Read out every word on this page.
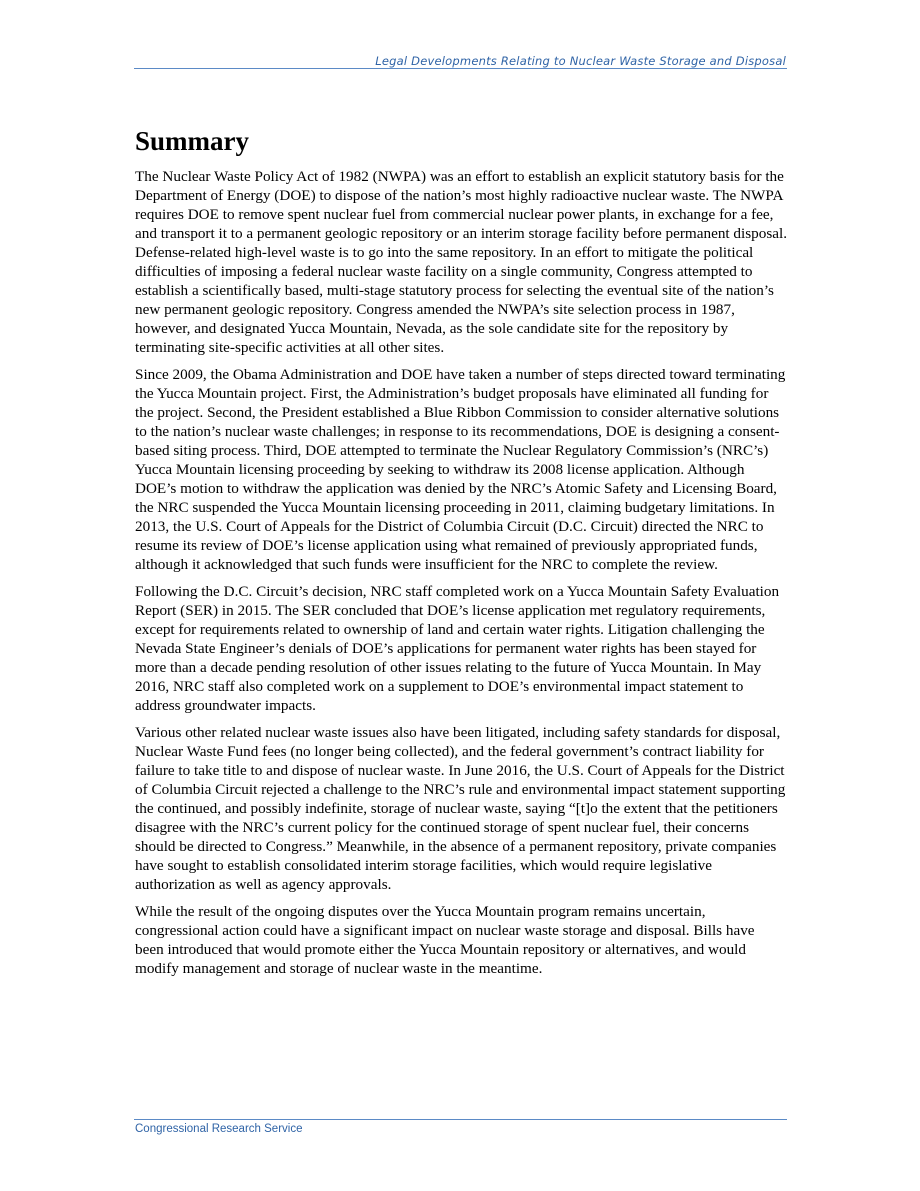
Legal Developments Relating to Nuclear Waste Storage and Disposal
Summary

The Nuclear Waste Policy Act of 1982 (NWPA) was an effort to establish an explicit statutory basis for the Department of Energy (DOE) to dispose of the nation’s most highly radioactive nuclear waste. The NWPA requires DOE to remove spent nuclear fuel from commercial nuclear power plants, in exchange for a fee, and transport it to a permanent geologic repository or an interim storage facility before permanent disposal. Defense-related high-level waste is to go into the same repository. In an effort to mitigate the political difficulties of imposing a federal nuclear waste facility on a single community, Congress attempted to establish a scientifically based, multi-stage statutory process for selecting the eventual site of the nation’s new permanent geologic repository. Congress amended the NWPA’s site selection process in 1987, however, and designated Yucca Mountain, Nevada, as the sole candidate site for the repository by terminating site-specific activities at all other sites.

Since 2009, the Obama Administration and DOE have taken a number of steps directed toward terminating the Yucca Mountain project. First, the Administration’s budget proposals have eliminated all funding for the project. Second, the President established a Blue Ribbon Commission to consider alternative solutions to the nation’s nuclear waste challenges; in response to its recommendations, DOE is designing a consent-based siting process. Third, DOE attempted to terminate the Nuclear Regulatory Commission’s (NRC’s) Yucca Mountain licensing proceeding by seeking to withdraw its 2008 license application. Although DOE’s motion to withdraw the application was denied by the NRC’s Atomic Safety and Licensing Board, the NRC suspended the Yucca Mountain licensing proceeding in 2011, claiming budgetary limitations. In 2013, the U.S. Court of Appeals for the District of Columbia Circuit (D.C. Circuit) directed the NRC to resume its review of DOE’s license application using what remained of previously appropriated funds, although it acknowledged that such funds were insufficient for the NRC to complete the review.

Following the D.C. Circuit’s decision, NRC staff completed work on a Yucca Mountain Safety Evaluation Report (SER) in 2015. The SER concluded that DOE’s license application met regulatory requirements, except for requirements related to ownership of land and certain water rights. Litigation challenging the Nevada State Engineer’s denials of DOE’s applications for permanent water rights has been stayed for more than a decade pending resolution of other issues relating to the future of Yucca Mountain. In May 2016, NRC staff also completed work on a supplement to DOE’s environmental impact statement to address groundwater impacts.

Various other related nuclear waste issues also have been litigated, including safety standards for disposal, Nuclear Waste Fund fees (no longer being collected), and the federal government’s contract liability for failure to take title to and dispose of nuclear waste. In June 2016, the U.S. Court of Appeals for the District of Columbia Circuit rejected a challenge to the NRC’s rule and environmental impact statement supporting the continued, and possibly indefinite, storage of nuclear waste, saying “[t]o the extent that the petitioners disagree with the NRC’s current policy for the continued storage of spent nuclear fuel, their concerns should be directed to Congress.” Meanwhile, in the absence of a permanent repository, private companies have sought to establish consolidated interim storage facilities, which would require legislative authorization as well as agency approvals.

While the result of the ongoing disputes over the Yucca Mountain program remains uncertain, congressional action could have a significant impact on nuclear waste storage and disposal. Bills have been introduced that would promote either the Yucca Mountain repository or alternatives, and would modify management and storage of nuclear waste in the meantime.

Congressional Research Service
